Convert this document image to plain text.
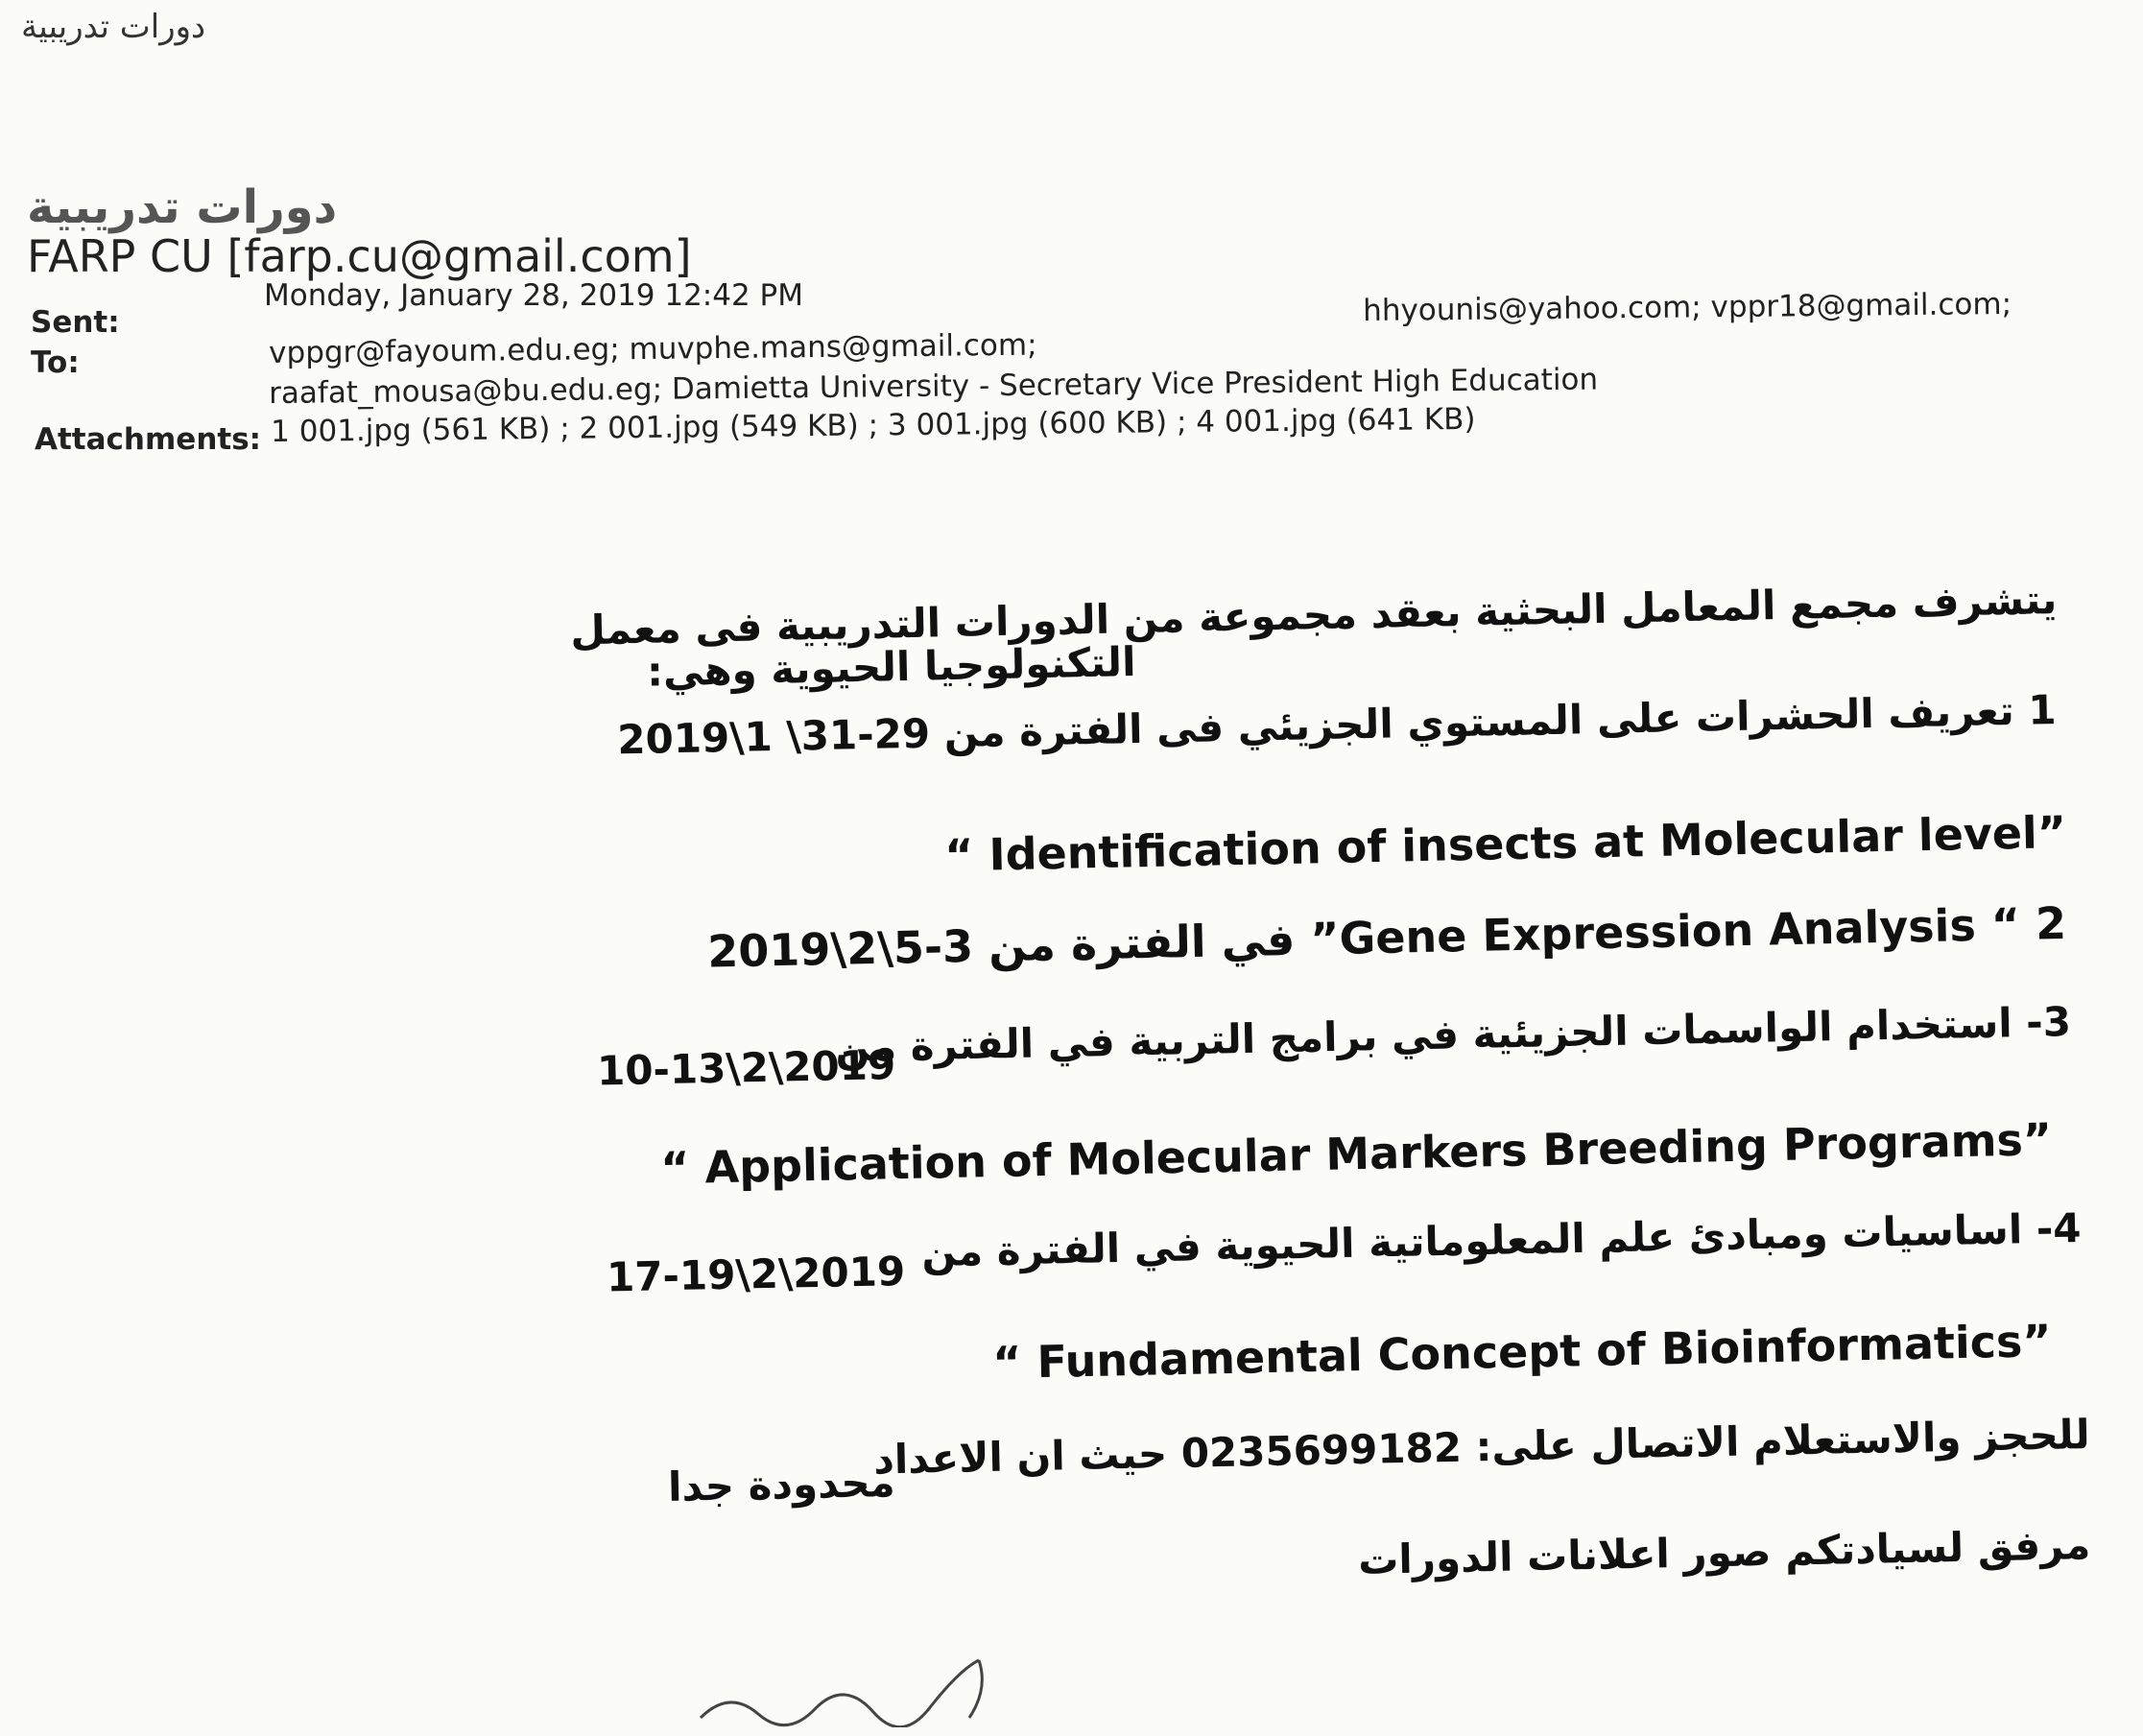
دورات تدريبية
دورات تدريبية
FARP CU [farp.cu@gmail.com]
Sent:
Monday, January 28, 2019 12:42 PM
To:
hhyounis@yahoo.com; vppr18@gmail.com;
vppgr@fayoum.edu.eg; muvphe.mans@gmail.com;
raafat_mousa@bu.edu.eg; Damietta University - Secretary Vice President High Education
Attachments: 1 001.jpg (561 KB) ; 2 001.jpg (549 KB) ; 3 001.jpg (600 KB) ; 4 001.jpg (641 KB)
يتشرف مجمع المعامل البحثية بعقد مجموعة من الدورات التدريبية فى معمل
التكنولوجيا الحيوية وهي:
1 تعريف الحشرات على المستوي الجزيئي فى الفترة من 29-31\ 1\2019
“ Identification of insects at Molecular level”
2 “ Gene Expression Analysis” في الفترة من 3-5\2\2019
3- استخدام الواسمات الجزيئية في برامج التربية في الفترة من
10-13\2\2019
“ Application of Molecular Markers Breeding Programs”
4- اساسيات ومبادئ علم المعلوماتية الحيوية في الفترة من
17-19\2\2019
“ Fundamental Concept of Bioinformatics”
للحجز والاستعلام الاتصال على: 0235699182 حيث ان الاعداد
محدودة جدا
مرفق لسيادتكم صور اعلانات الدورات
